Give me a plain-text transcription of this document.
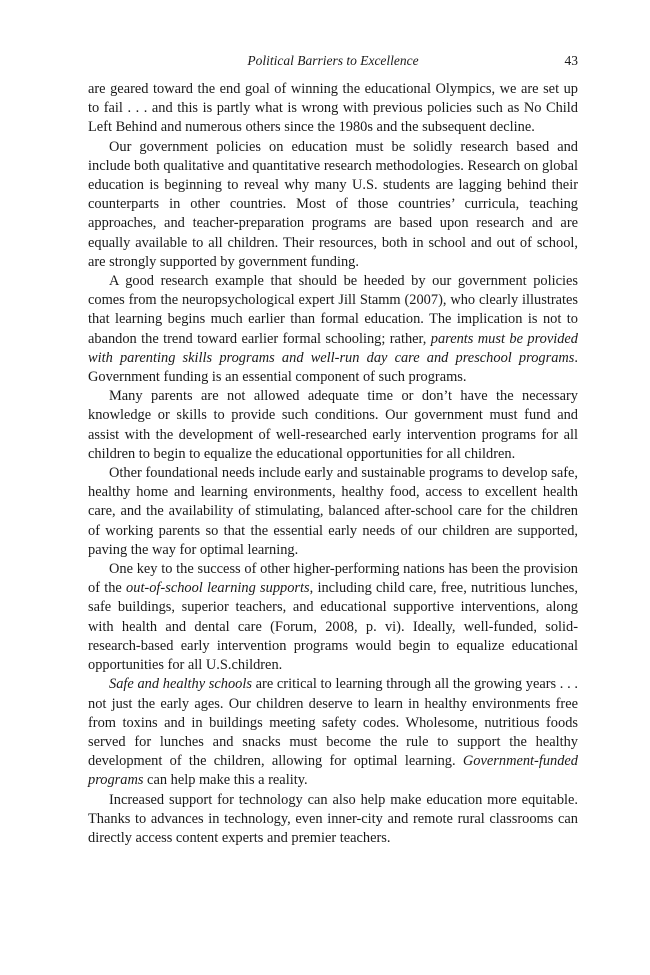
Political Barriers to Excellence	43

are geared toward the end goal of winning the educational Olympics, we are set up to fail . . . and this is partly what is wrong with previous policies such as No Child Left Behind and numerous others since the 1980s and the subsequent decline.

Our government policies on education must be solidly research based and include both qualitative and quantitative research methodologies. Research on global education is beginning to reveal why many U.S. students are lagging behind their counterparts in other countries. Most of those countries’ curricula, teaching approaches, and teacher-preparation programs are based upon research and are equally available to all children. Their resources, both in school and out of school, are strongly supported by government funding.

A good research example that should be heeded by our government policies comes from the neuropsychological expert Jill Stamm (2007), who clearly illustrates that learning begins much earlier than formal education. The implication is not to abandon the trend toward earlier formal schooling; rather, parents must be provided with parenting skills programs and well-run day care and preschool programs. Government funding is an essential component of such programs.

Many parents are not allowed adequate time or don’t have the necessary knowledge or skills to provide such conditions. Our government must fund and assist with the development of well-researched early intervention programs for all children to begin to equalize the educational opportunities for all children.

Other foundational needs include early and sustainable programs to develop safe, healthy home and learning environments, healthy food, access to excellent health care, and the availability of stimulating, balanced after-school care for the children of working parents so that the essential early needs of our children are supported, paving the way for optimal learning.

One key to the success of other higher-performing nations has been the provision of the out-of-school learning supports, including child care, free, nutritious lunches, safe buildings, superior teachers, and educational supportive interventions, along with health and dental care (Forum, 2008, p. vi). Ideally, well-funded, solid-research-based early intervention programs would begin to equalize educational opportunities for all U.S.children.

Safe and healthy schools are critical to learning through all the growing years . . . not just the early ages. Our children deserve to learn in healthy environments free from toxins and in buildings meeting safety codes. Wholesome, nutritious foods served for lunches and snacks must become the rule to support the healthy development of the children, allowing for optimal learning. Government-funded programs can help make this a reality.

Increased support for technology can also help make education more equitable. Thanks to advances in technology, even inner-city and remote rural classrooms can directly access content experts and premier teachers.
